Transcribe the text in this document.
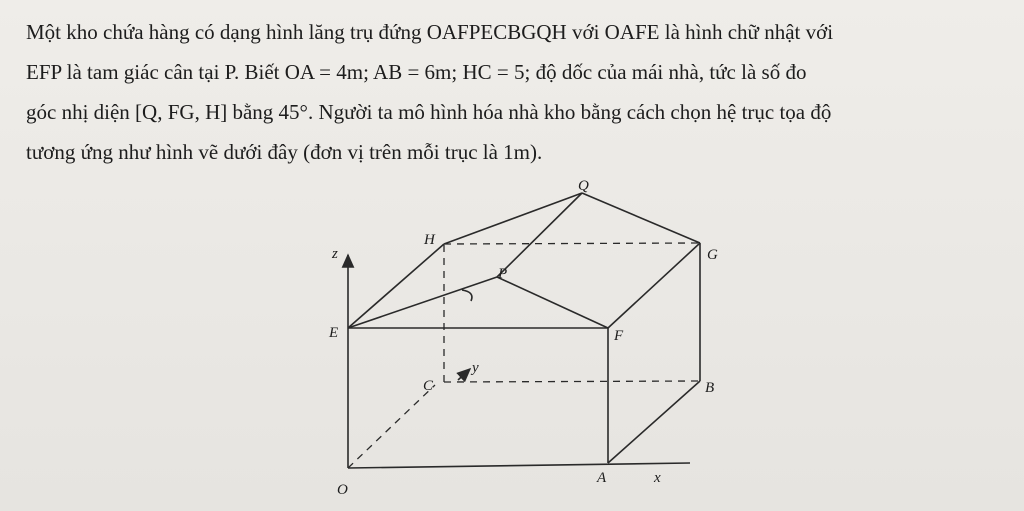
Một kho chứa hàng có dạng hình lăng trụ đứng OAFPECBGQH với OAFE là hình chữ nhật với
EFP là tam giác cân tại P. Biết OA = 4m; AB = 6m; HC = 5; độ dốc của mái nhà, tức là số đo
góc nhị diện [Q, FG, H] bằng 45°. Người ta mô hình hóa nhà kho bằng cách chọn hệ trục tọa độ
tương ứng như hình vẽ dưới đây (đơn vị trên mỗi trục là 1m).
Q
H
G
P
E	F
C	B
O
A
z
y
x
